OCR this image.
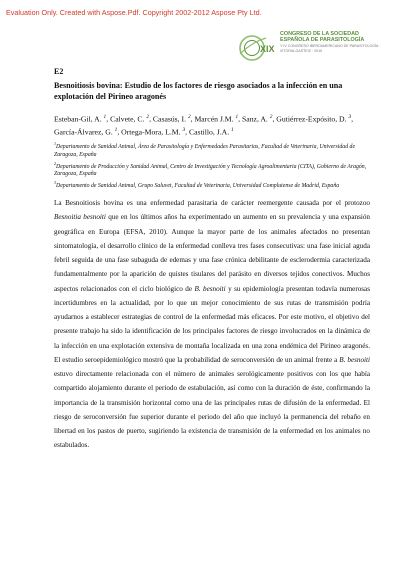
Evaluation Only. Created with Aspose.Pdf. Copyright 2002-2012 Aspose Pty Ltd.
XIX
CONGRESO DE LA SOCIEDAD
ESPAÑOLA DE PARASITOLOGÍA
Y IV CONGRESO IBEROAMERICANO DE PARASITOLOGÍA · VITORIA-GASTEIZ · 2015
E2
Besnoitiosis bovina: Estudio de los factores de riesgo asociados a la infección en una explotación del Pirineo aragonés
Esteban-Gil, A. $^1$, Calvete, C. $^2$, Casasús, I. $^2$, Marcén J.M. $^1$, Sanz, A. $^2$, Gutiérrez-Expósito, D. $^3$, García-Álvarez, G. $^1$, Ortega-Mora, L.M. $^3$, Castillo, J.A. $^1$

$^1$Departamento de Sanidad Animal, Área de Parasitología y Enfermedades Parasitarias, Facultad de Veterinaria, Universidad de Zaragoza, España

$^2$Departamento de Producción y Sanidad Animal, Centro de Investigación y Tecnología Agroalimentaria (CITA), Gobierno de Aragón, Zaragoza, España

$^3$Departamento de Sanidad Animal, Grupo Saluvet, Facultad de Veterinaria, Universidad Complutense de Madrid, España

La Besnoitiosis bovina es una enfermedad parasitaria de carácter reemergente causada por el protozoo Besnoitia besnoiti que en los últimos años ha experimentado un aumento en su prevalencia y una expansión geográfica en Europa (EFSA, 2010). Aunque la mayor parte de los animales afectados no presentan sintomatología, el desarrollo clínico de la enfermedad conlleva tres fases consecutivas: una fase inicial aguda febril seguida de una fase subaguda de edemas y una fase crónica debilitante de esclerodermia caracterizada fundamentalmente por la aparición de quistes tisulares del parásito en diversos tejidos conectivos. Muchos aspectos relacionados con el ciclo biológico de B. besnoiti y su epidemiología presentan todavía numerosas incertidumbres en la actualidad, por lo que un mejor conocimiento de sus rutas de transmisión podría ayudarnos a establecer estrategias de control de la enfermedad más eficaces. Por este motivo, el objetivo del presente trabajo ha sido la identificación de los principales factores de riesgo involucrados en la dinámica de la infección en una explotación extensiva de montaña localizada en una zona endémica del Pirineo aragonés. El estudio seroepidemiológico mostró que la probabilidad de seroconversión de un animal frente a B. besnoiti estuvo directamente relacionada con el número de animales serológicamente positivos con los que había compartido alojamiento durante el periodo de estabulación, así como con la duración de éste, confirmando la importancia de la transmisión horizontal como una de las principales rutas de difusión de la enfermedad. El riesgo de seroconversión fue superior durante el periodo del año que incluyó la permanencia del rebaño en libertad en los pastos de puerto, sugiriendo la existencia de transmisión de la enfermedad en los animales no estabulados.
